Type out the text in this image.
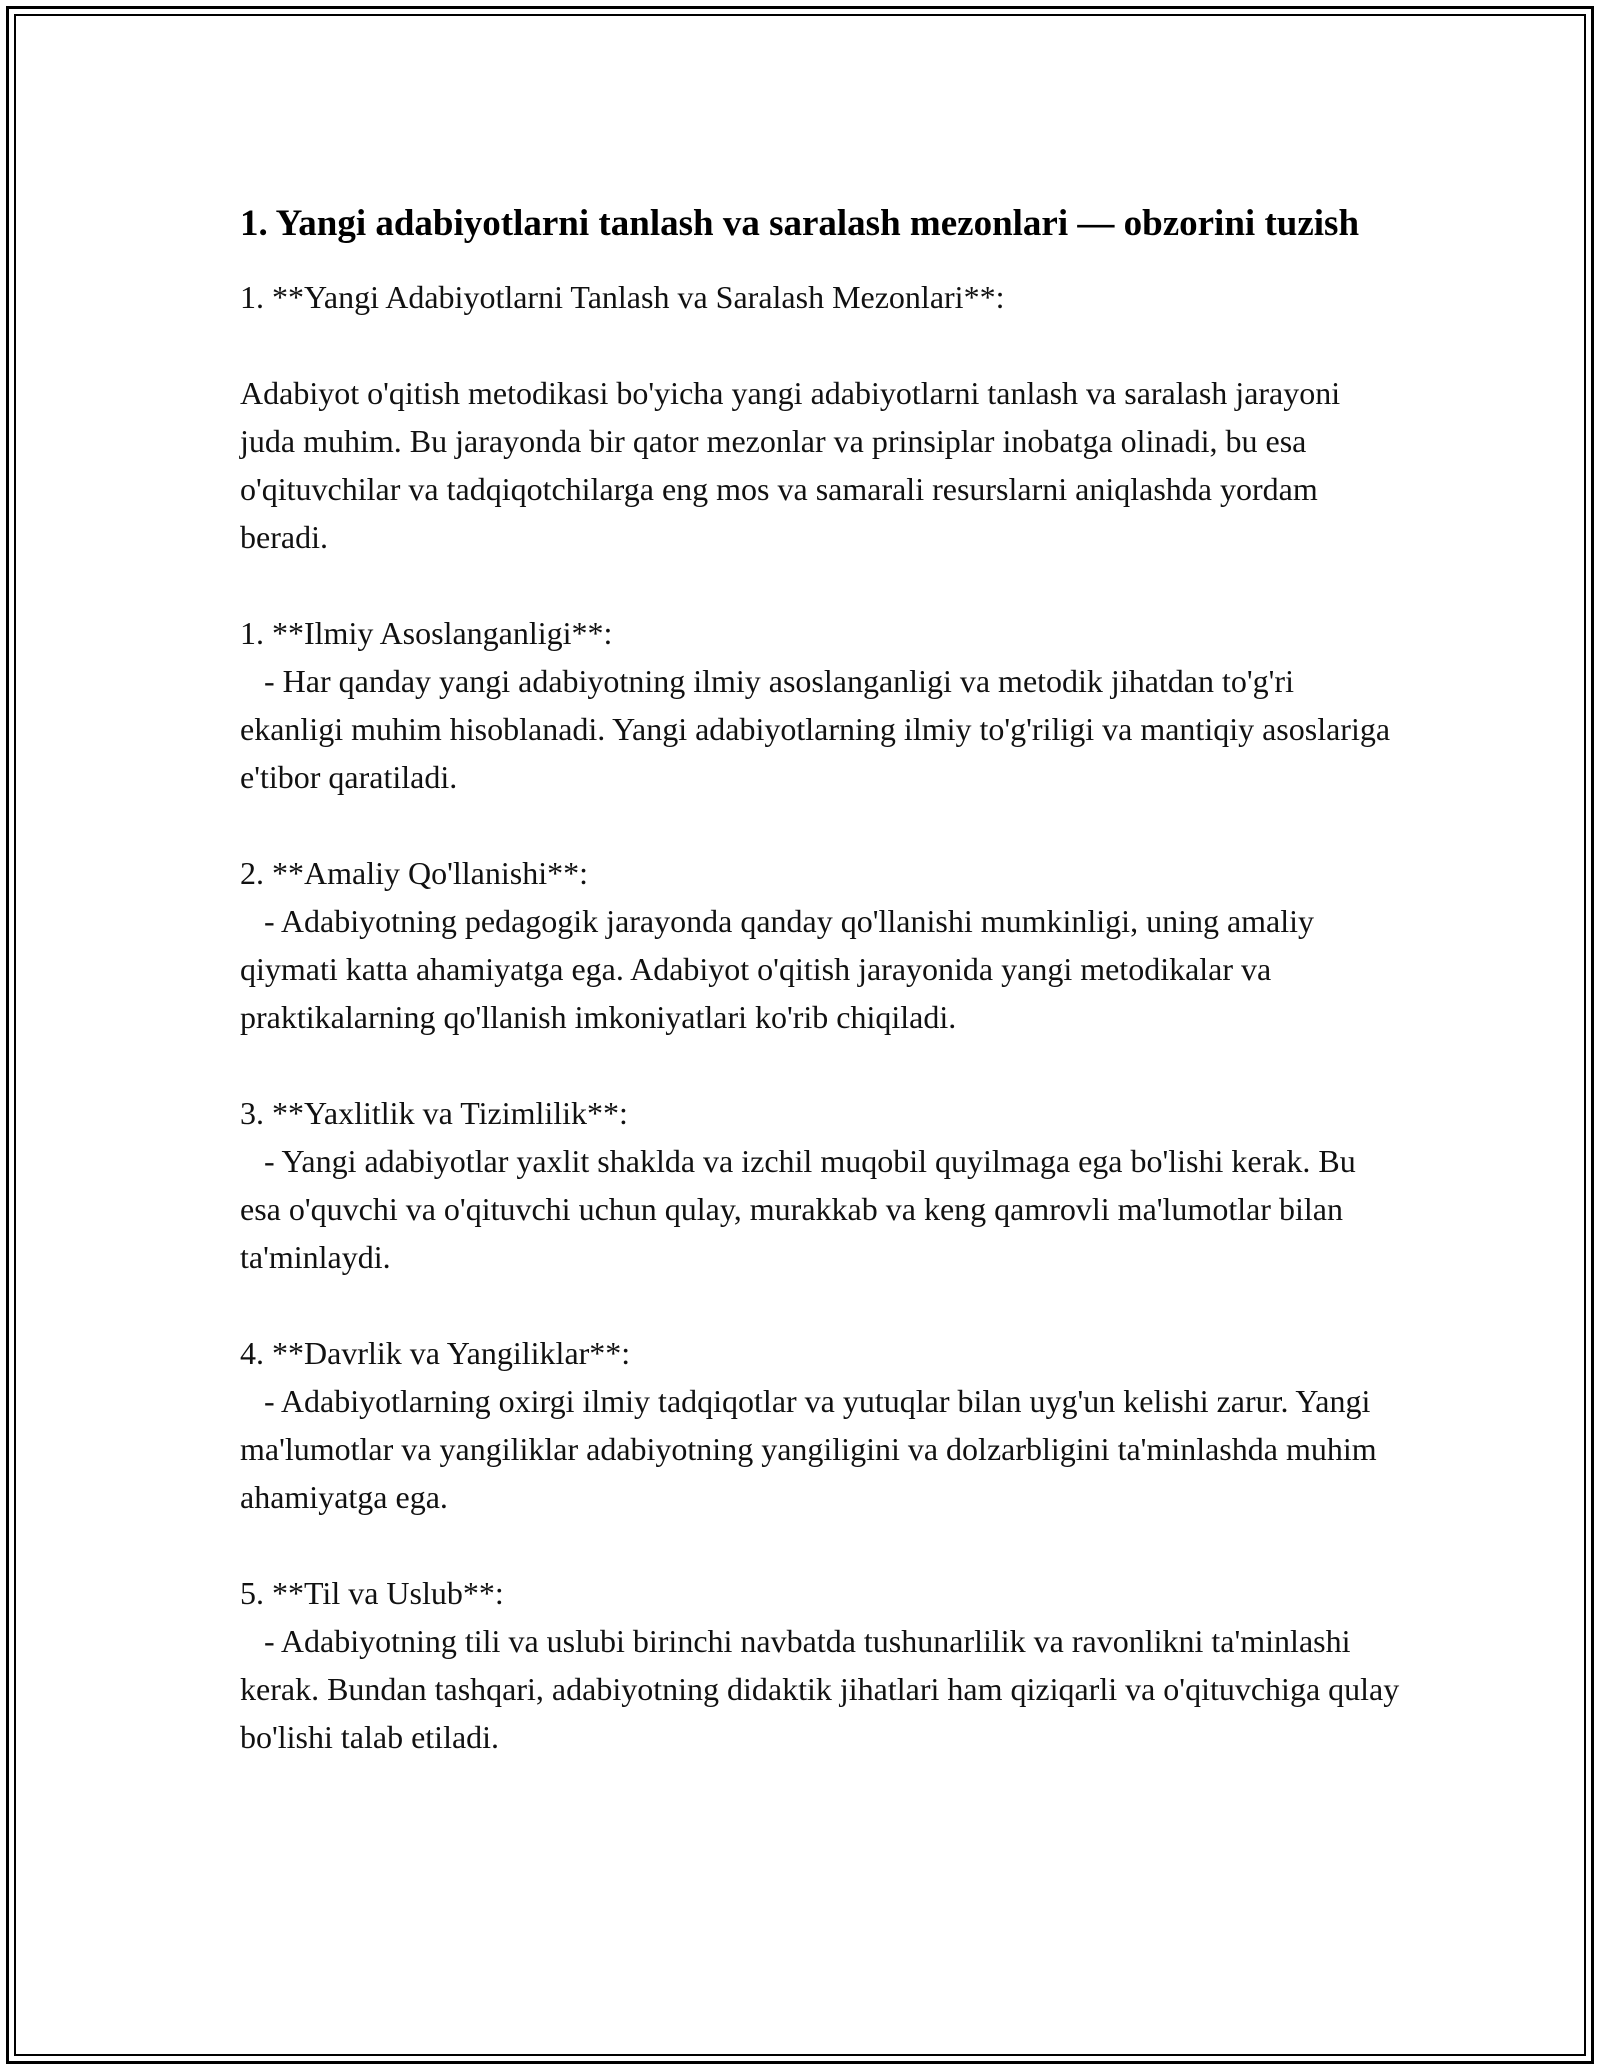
1. Yangi adabiyotlarni tanlash va saralash mezonlari — obzorini tuzish
1. **Yangi Adabiyotlarni Tanlash va Saralash Mezonlari**:

Adabiyot o'qitish metodikasi bo'yicha yangi adabiyotlarni tanlash va saralash jarayoni juda muhim. Bu jarayonda bir qator mezonlar va prinsiplar inobatga olinadi, bu esa o'qituvchilar va tadqiqotchilarga eng mos va samarali resurslarni aniqlashda yordam beradi.

1. **Ilmiy Asoslanganligi**:
- Har qanday yangi adabiyotning ilmiy asoslanganligi va metodik jihatdan to'g'ri ekanligi muhim hisoblanadi. Yangi adabiyotlarning ilmiy to'g'riligi va mantiqiy asoslariga e'tibor qaratiladi.

2. **Amaliy Qo'llanishi**:
- Adabiyotning pedagogik jarayonda qanday qo'llanishi mumkinligi, uning amaliy qiymati katta ahamiyatga ega. Adabiyot o'qitish jarayonida yangi metodikalar va praktikalarning qo'llanish imkoniyatlari ko'rib chiqiladi.

3. **Yaxlitlik va Tizimlilik**:
- Yangi adabiyotlar yaxlit shaklda va izchil muqobil quyilmaga ega bo'lishi kerak. Bu esa o'quvchi va o'qituvchi uchun qulay, murakkab va keng qamrovli ma'lumotlar bilan ta'minlaydi.

4. **Davrlik va Yangiliklar**:
- Adabiyotlarning oxirgi ilmiy tadqiqotlar va yutuqlar bilan uyg'un kelishi zarur. Yangi ma'lumotlar va yangiliklar adabiyotning yangiligini va dolzarbligini ta'minlashda muhim ahamiyatga ega.

5. **Til va Uslub**:
- Adabiyotning tili va uslubi birinchi navbatda tushunarlilik va ravonlikni ta'minlashi kerak. Bundan tashqari, adabiyotning didaktik jihatlari ham qiziqarli va o'qituvchiga qulay bo'lishi talab etiladi.
